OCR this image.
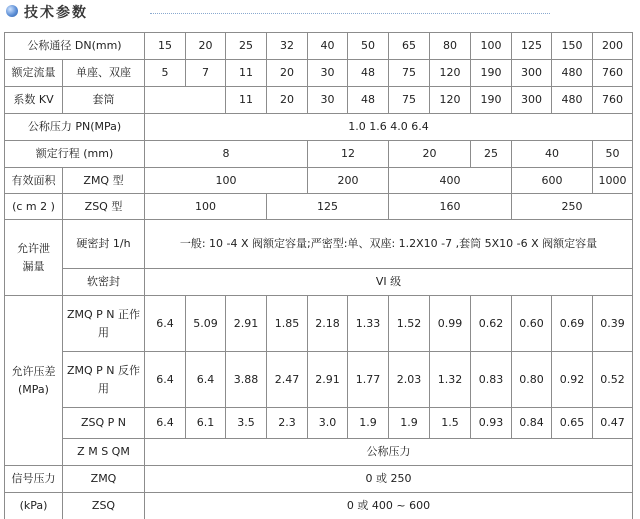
技术参数
公称通径 DN(mm)		15	20	25	32	40	50	65	80	100	125	150	200
额定流量	单座、双座	5	7	11	20	30	48	75	120	190	300	480	760
系数 KV	套筒			11	20	30	48	75	120	190	300	480	760
公称压力 PN(MPa)		1.0 1.6 4.0 6.4											
额定行程 (mm)		8				12		20		25	40		50
有效面积	ZMQ 型	100				200		400			600		1000
(c m 2 )	ZSQ 型	100			125			160			250		

允许泄
漏量	硬密封 1/h	一般: 10 -4 X 阀额定容量;严密型:单、双座: 1.2X10 -7 ,套筒 5X10 -6 X 阀额定容量											
	软密封	VI 级											

允许压差
(MPa)	ZMQ P N 正作用	6.4	5.09	2.91	1.85	2.18	1.33	1.52	0.99	0.62	0.60	0.69	0.39
	ZMQ P N 反作用	6.4	6.4	3.88	2.47	2.91	1.77	2.03	1.32	0.83	0.80	0.92	0.52
	ZSQ P N	6.4	6.1	3.5	2.3	3.0	1.9	1.9	1.5	0.93	0.84	0.65	0.47
	Z M S QM	公称压力											
信号压力	ZMQ	0 或 250											
(kPa)	ZSQ	0 或 400 ~ 600											
